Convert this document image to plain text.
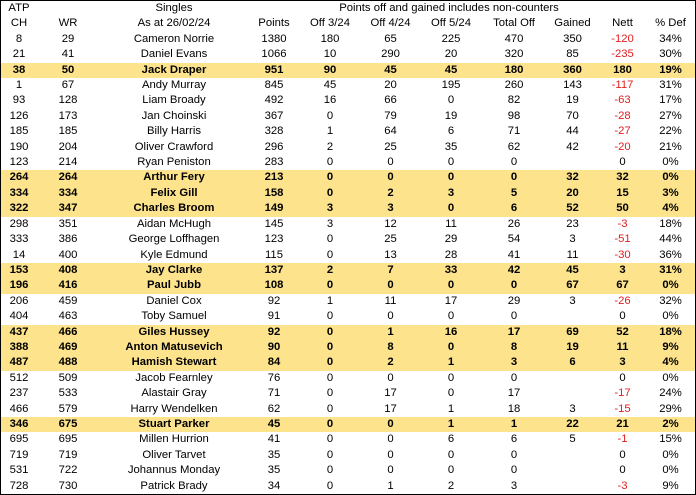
ATP		Singles		Points off and gained includes non-counters						
CH	WR	As at 26/02/24	Points	Off 3/24	Off 4/24	Off 5/24	Total Off	Gained	Nett	% Def
8	29	Cameron Norrie	1380	180	65	225	470	350	-120	34%
21	41	Daniel Evans	1066	10	290	20	320	85	-235	30%
38	50	Jack Draper	951	90	45	45	180	360	180	19%
1	67	Andy Murray	845	45	20	195	260	143	-117	31%
93	128	Liam Broady	492	16	66	0	82	19	-63	17%
126	173	Jan Choinski	367	0	79	19	98	70	-28	27%
185	185	Billy Harris	328	1	64	6	71	44	-27	22%
190	204	Oliver Crawford	296	2	25	35	62	42	-20	21%
123	214	Ryan Peniston	283	0	0	0	0		0	0%
264	264	Arthur Fery	213	0	0	0	0	32	32	0%
334	334	Felix Gill	158	0	2	3	5	20	15	3%
322	347	Charles Broom	149	3	3	0	6	52	50	4%
298	351	Aidan McHugh	145	3	12	11	26	23	-3	18%
333	386	George Loffhagen	123	0	25	29	54	3	-51	44%
14	400	Kyle Edmund	115	0	13	28	41	11	-30	36%
153	408	Jay Clarke	137	2	7	33	42	45	3	31%
196	416	Paul Jubb	108	0	0	0	0	67	67	0%
206	459	Daniel Cox	92	1	11	17	29	3	-26	32%
404	463	Toby Samuel	91	0	0	0	0		0	0%
437	466	Giles Hussey	92	0	1	16	17	69	52	18%
388	469	Anton Matusevich	90	0	8	0	8	19	11	9%
487	488	Hamish Stewart	84	0	2	1	3	6	3	4%
512	509	Jacob Fearnley	76	0	0	0	0		0	0%
237	533	Alastair Gray	71	0	17	0	17		-17	24%
466	579	Harry Wendelken	62	0	17	1	18	3	-15	29%
346	675	Stuart Parker	45	0	0	1	1	22	21	2%
695	695	Millen Hurrion	41	0	0	6	6	5	-1	15%
719	719	Oliver Tarvet	35	0	0	0	0		0	0%
531	722	Johannus Monday	35	0	0	0	0		0	0%
728	730	Patrick Brady	34	0	1	2	3		-3	9%
